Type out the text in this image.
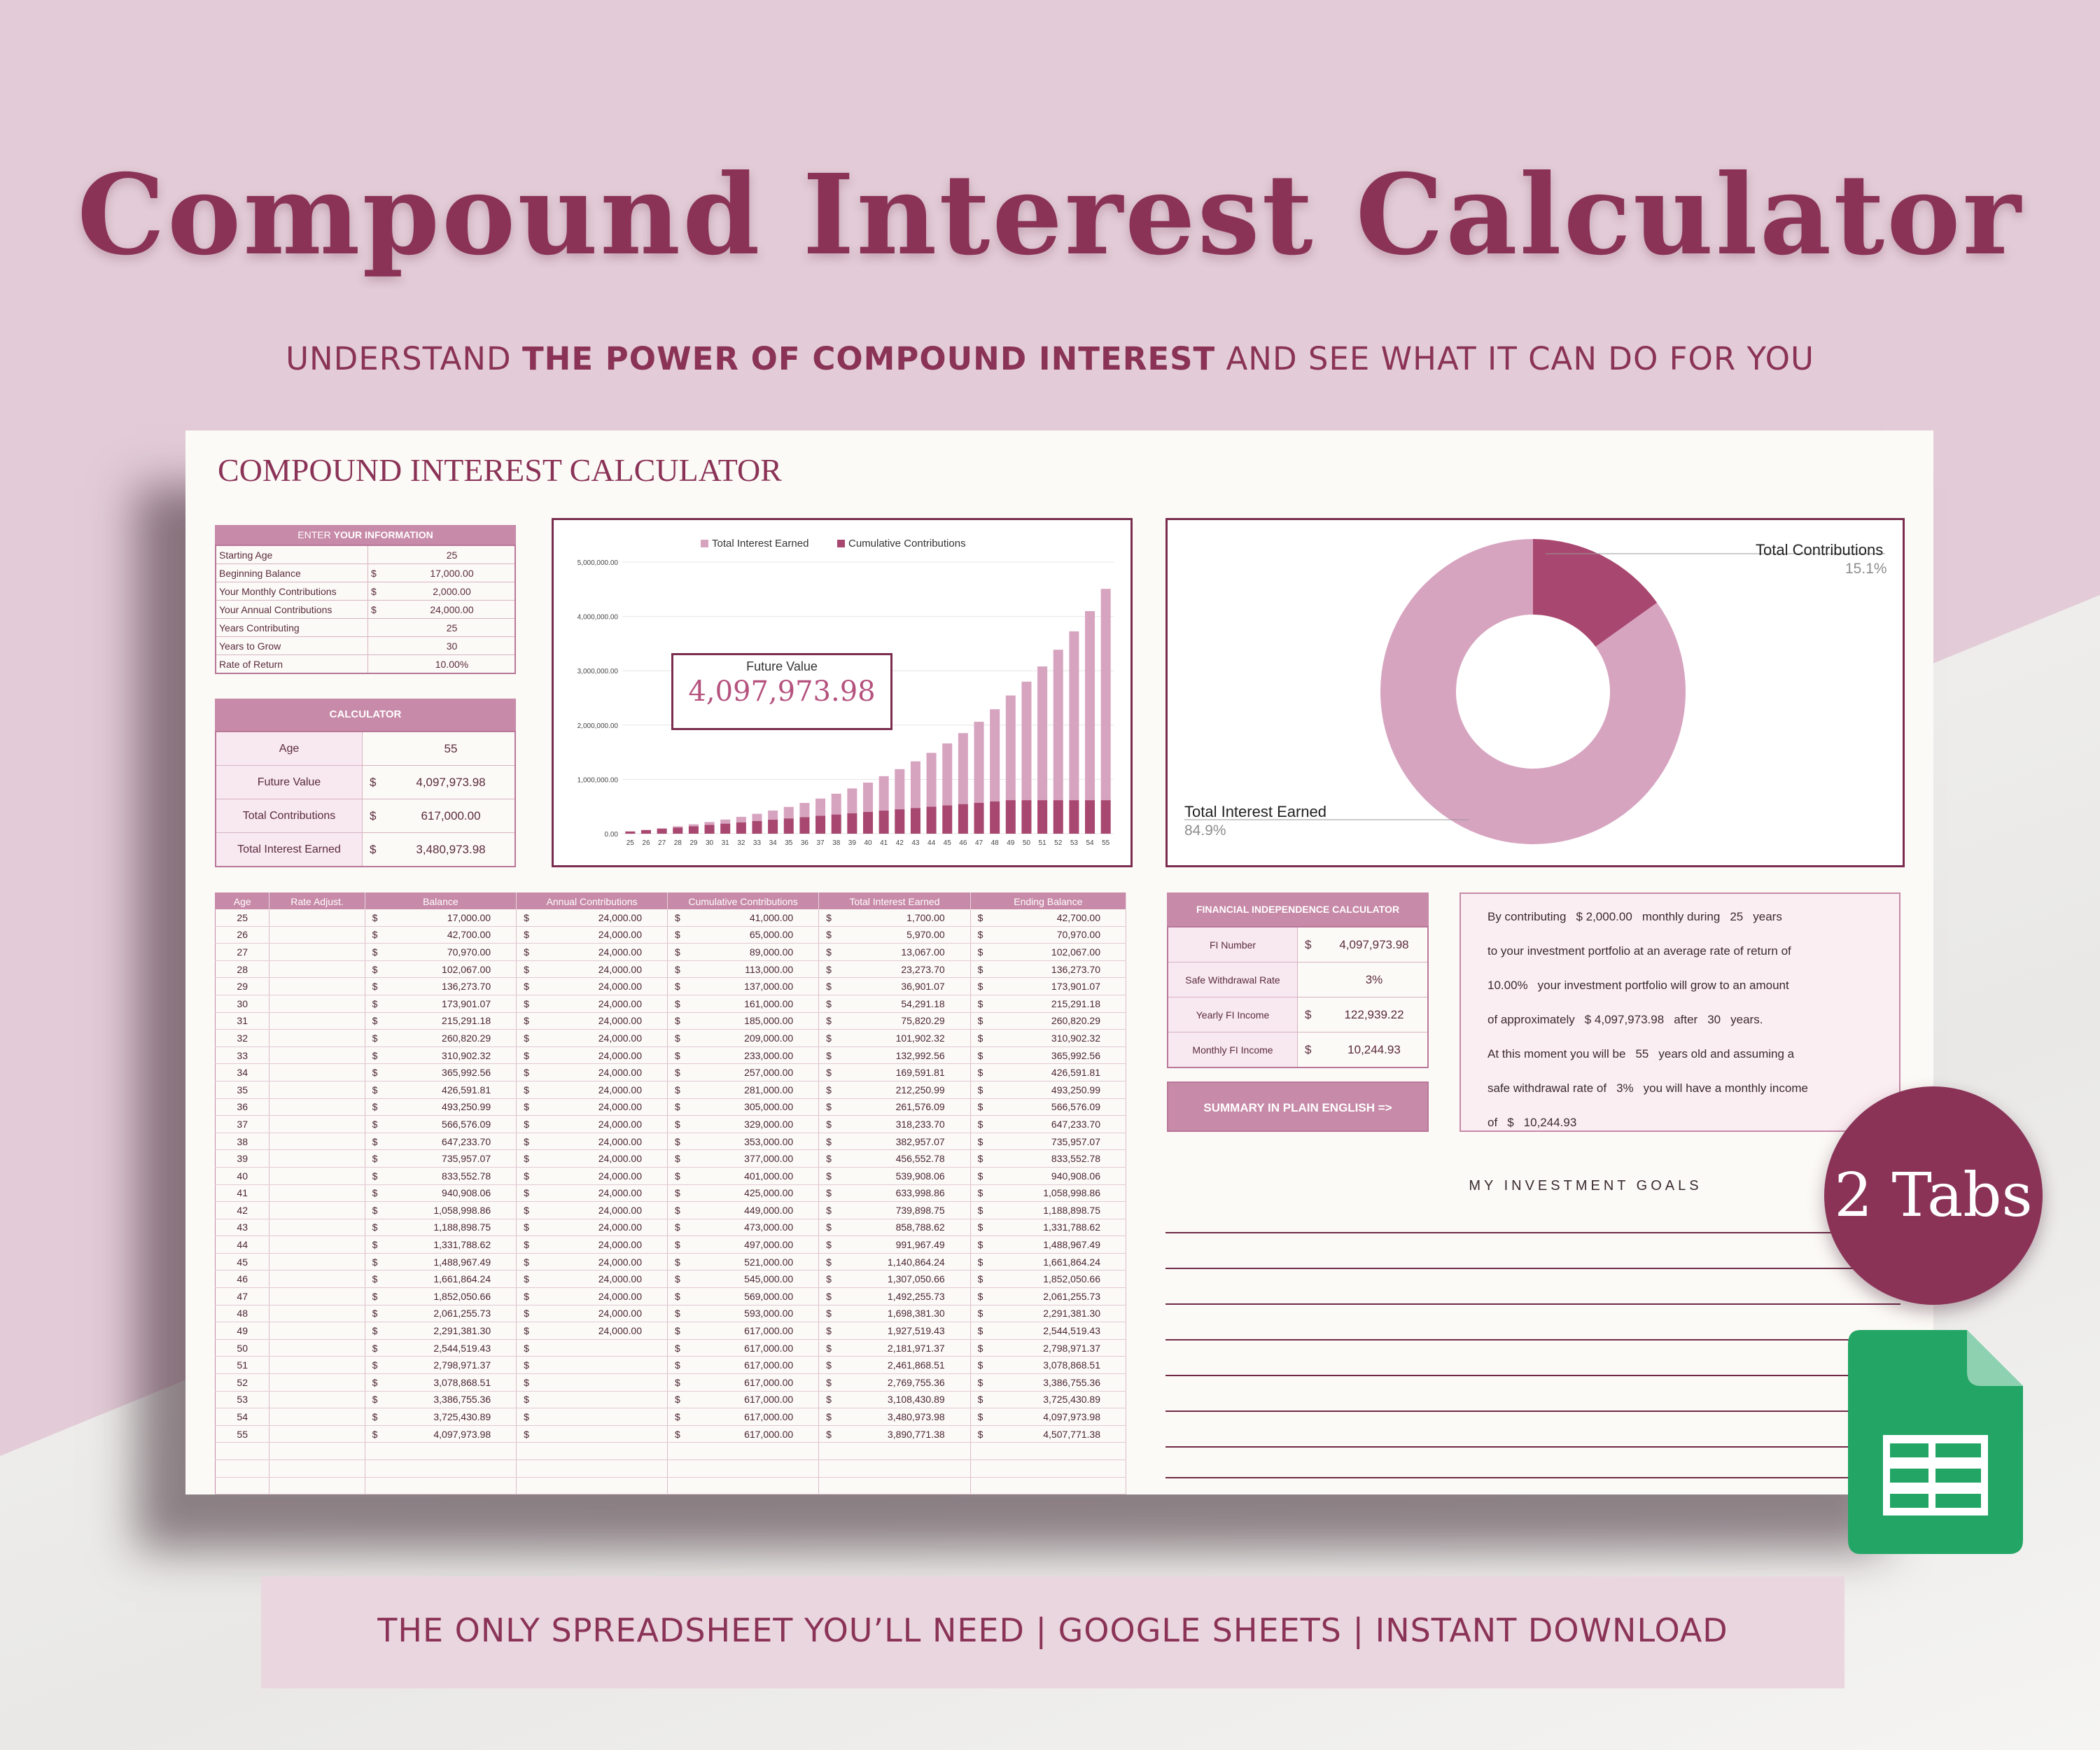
Compound Interest Calculator
UNDERSTAND THE POWER OF COMPOUND INTEREST AND SEE WHAT IT CAN DO FOR YOU
COMPOUND INTEREST CALCULATOR
ENTER YOUR INFORMATION
Starting Age		25
Beginning Balance	$	17,000.00
Your Monthly Contributions	$	2,000.00
Your Annual Contributions	$	24,000.00
Years Contributing		25
Years to Grow		30
Rate of Return		10.00%
CALCULATOR
Age		55
Future Value	$	4,097,973.98
Total Contributions	$	617,000.00
Total Interest Earned	$	3,480,973.98
0.00
1,000,000.00
2,000,000.00
3,000,000.00
4,000,000.00
5,000,000.00
Total Interest Earned	Cumulative Contributions
25 26 27 28 29 30 31 32 33 34 35 36 37 38 39 40 41 42 43 44 45 46 47 48 49 50 51 52 53 54 55
Future Value
4,097,973.98
Total Contributions
15.1%
Total Interest Earned
84.9%
Age	Rate Adjust.	Balance	Annual Contributions	Cumulative Contributions	Total Interest Earned	Ending Balance
25		$ 17,000.00	$ 24,000.00	$ 41,000.00	$ 1,700.00	$ 42,700.00

26		$ 42,700.00	$ 24,000.00	$ 65,000.00	$ 5,970.00	$ 70,970.00

27		$ 70,970.00	$ 24,000.00	$ 89,000.00	$ 13,067.00	$ 102,067.00

28		$ 102,067.00	$ 24,000.00	$ 113,000.00	$ 23,273.70	$ 136,273.70

29		$ 136,273.70	$ 24,000.00	$ 137,000.00	$ 36,901.07	$ 173,901.07

30		$ 173,901.07	$ 24,000.00	$ 161,000.00	$ 54,291.18	$ 215,291.18

31		$ 215,291.18	$ 24,000.00	$ 185,000.00	$ 75,820.29	$ 260,820.29

32		$ 260,820.29	$ 24,000.00	$ 209,000.00	$ 101,902.32	$ 310,902.32

33		$ 310,902.32	$ 24,000.00	$ 233,000.00	$ 132,992.56	$ 365,992.56

34		$ 365,992.56	$ 24,000.00	$ 257,000.00	$ 169,591.81	$ 426,591.81

35		$ 426,591.81	$ 24,000.00	$ 281,000.00	$ 212,250.99	$ 493,250.99

36		$ 493,250.99	$ 24,000.00	$ 305,000.00	$ 261,576.09	$ 566,576.09

37		$ 566,576.09	$ 24,000.00	$ 329,000.00	$ 318,233.70	$ 647,233.70

38		$ 647,233.70	$ 24,000.00	$ 353,000.00	$ 382,957.07	$ 735,957.07

39		$ 735,957.07	$ 24,000.00	$ 377,000.00	$ 456,552.78	$ 833,552.78

40		$ 833,552.78	$ 24,000.00	$ 401,000.00	$ 539,908.06	$ 940,908.06

41		$ 940,908.06	$ 24,000.00	$ 425,000.00	$ 633,998.86	$ 1,058,998.86

42		$ 1,058,998.86	$ 24,000.00	$ 449,000.00	$ 739,898.75	$ 1,188,898.75

43		$ 1,188,898.75	$ 24,000.00	$ 473,000.00	$ 858,788.62	$ 1,331,788.62

44		$ 1,331,788.62	$ 24,000.00	$ 497,000.00	$ 991,967.49	$ 1,488,967.49

45		$ 1,488,967.49	$ 24,000.00	$ 521,000.00	$ 1,140,864.24	$ 1,661,864.24

46		$ 1,661,864.24	$ 24,000.00	$ 545,000.00	$ 1,307,050.66	$ 1,852,050.66

47		$ 1,852,050.66	$ 24,000.00	$ 569,000.00	$ 1,492,255.73	$ 2,061,255.73

48		$ 2,061,255.73	$ 24,000.00	$ 593,000.00	$ 1,698,381.30	$ 2,291,381.30

49		$ 2,291,381.30	$ 24,000.00	$ 617,000.00	$ 1,927,519.43	$ 2,544,519.43

50		$ 2,544,519.43	$	$ 617,000.00	$ 2,181,971.37	$ 2,798,971.37

51		$ 2,798,971.37	$	$ 617,000.00	$ 2,461,868.51	$ 3,078,868.51

52		$ 3,078,868.51	$	$ 617,000.00	$ 2,769,755.36	$ 3,386,755.36

53		$ 3,386,755.36	$	$ 617,000.00	$ 3,108,430.89	$ 3,725,430.89

54		$ 3,725,430.89	$	$ 617,000.00	$ 3,480,973.98	$ 4,097,973.98

55		$ 4,097,973.98	$	$ 617,000.00	$ 3,890,771.38	$ 4,507,771.38

FINANCIAL INDEPENDENCE CALCULATOR
FI Number	$	4,097,973.98
Safe Withdrawal Rate		3%
Yearly FI Income	$	122,939.22
Monthly FI Income	$	10,244.93
SUMMARY IN PLAIN ENGLISH =>

By contributing $ 2,000.00 monthly during 25 years

to your investment portfolio at an average rate of return of

10.00% your investment portfolio will grow to an amount

of approximately $ 4,097,973.98 after 30 years.

At this moment you will be 55 years old and assuming a

safe withdrawal rate of 3% you will have a monthly income

of $ 10,244.93

MY INVESTMENT GOALS	2 Tabs
THE ONLY SPREADSHEET YOU’LL NEED | GOOGLE SHEETS | INSTANT DOWNLOAD
